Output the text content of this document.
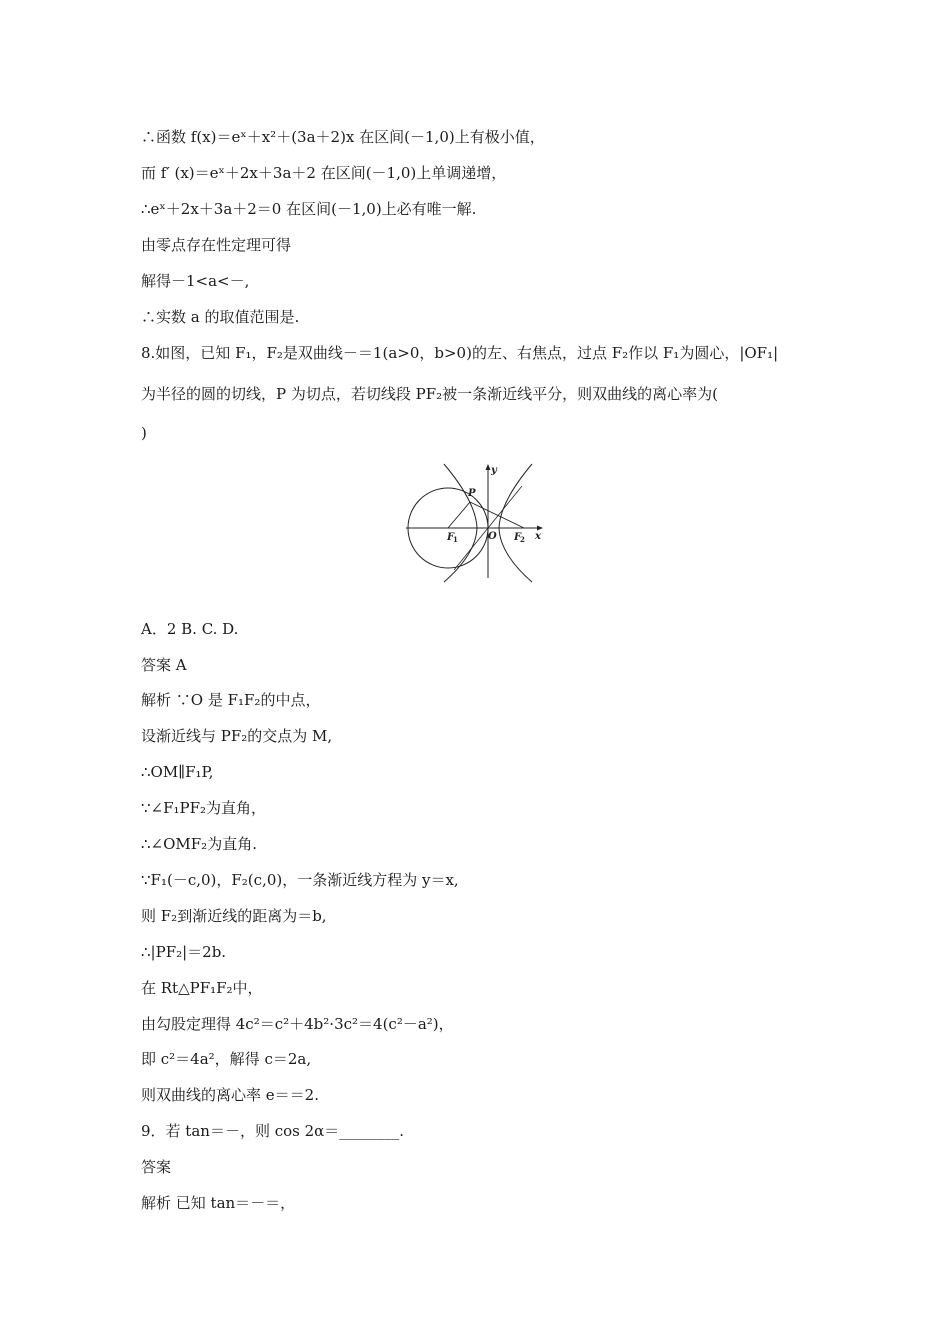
∴函数 f(x)＝eˣ＋x²＋(3a＋2)x 在区间(－1,0)上有极小值，
而 f′ (x)＝eˣ＋2x＋3a＋2 在区间(－1,0)上单调递增，
∴eˣ＋2x＋3a＋2＝0 在区间(－1,0)上必有唯一解.
由零点存在性定理可得
解得－1<a<－,
∴实数 a 的取值范围是.
8.如图，已知 F₁，F₂是双曲线－＝1(a>0，b>0)的左、右焦点，过点 F₂作以 F₁为圆心，|OF₁|
为半径的圆的切线，P 为切点，若切线段 PF₂被一条渐近线平分，则双曲线的离心率为(
)
y
x
P
O
F
1	F
2
A．2 B. C. D.
答案 A
解析 ∵O 是 F₁F₂的中点，
设渐近线与 PF₂的交点为 M,
∴OM∥F₁P,
∵∠F₁PF₂为直角，
∴∠OMF₂为直角.
∵F₁(－c,0)，F₂(c,0)，一条渐近线方程为 y＝x,
则 F₂到渐近线的距离为＝b,
∴|PF₂|＝2b.
在 Rt△PF₁F₂中，
由勾股定理得 4c²＝c²＋4b²·3c²＝4(c²－a²)，
即 c²＝4a²，解得 c＝2a,
则双曲线的离心率 e＝＝2.
9．若 tan＝－，则 cos 2α＝________.
答案
解析 已知 tan＝－＝，
